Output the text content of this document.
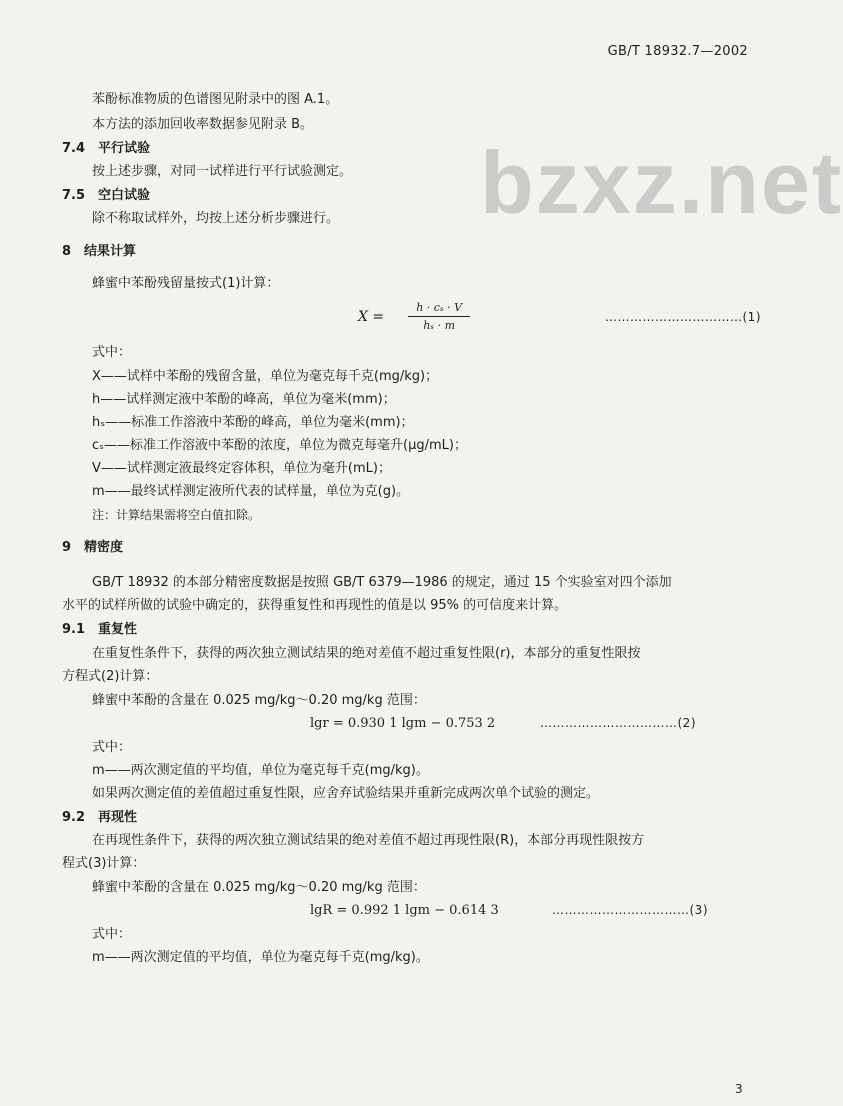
GB/T 18932.7—2002
bzxz.net
苯酚标准物质的色谱图见附录中的图 A.1。
本方法的添加回收率数据参见附录 B。
7.4　平行试验
按上述步骤，对同一试样进行平行试验测定。
7.5　空白试验
除不称取试样外，均按上述分析步骤进行。
8　结果计算
蜂蜜中苯酚残留量按式(1)计算：
X =
h · cₛ · V
hₛ · m
……………………………(1)
式中：
X——试样中苯酚的残留含量，单位为毫克每千克(mg/kg)；
h——试样测定液中苯酚的峰高，单位为毫米(mm)；
hₛ——标准工作溶液中苯酚的峰高，单位为毫米(mm)；
cₛ——标准工作溶液中苯酚的浓度，单位为微克每毫升(μg/mL)；
V——试样测定液最终定容体积，单位为毫升(mL)；
m——最终试样测定液所代表的试样量，单位为克(g)。
注：计算结果需将空白值扣除。
9　精密度
GB/T 18932 的本部分精密度数据是按照 GB/T 6379—1986 的规定，通过 15 个实验室对四个添加
水平的试样所做的试验中确定的，获得重复性和再现性的值是以 95% 的可信度来计算。
9.1　重复性
在重复性条件下，获得的两次独立测试结果的绝对差值不超过重复性限(r)，本部分的重复性限按
方程式(2)计算：
蜂蜜中苯酚的含量在 0.025 mg/kg～0.20 mg/kg 范围：
lgr = 0.930 1 lgm − 0.753 2	……………………………(2)
式中：
m——两次测定值的平均值，单位为毫克每千克(mg/kg)。
如果两次测定值的差值超过重复性限，应舍弃试验结果并重新完成两次单个试验的测定。
9.2　再现性
在再现性条件下，获得的两次独立测试结果的绝对差值不超过再现性限(R)，本部分再现性限按方
程式(3)计算：
蜂蜜中苯酚的含量在 0.025 mg/kg～0.20 mg/kg 范围：
lgR = 0.992 1 lgm − 0.614 3	……………………………(3)
式中：
m——两次测定值的平均值，单位为毫克每千克(mg/kg)。
3
